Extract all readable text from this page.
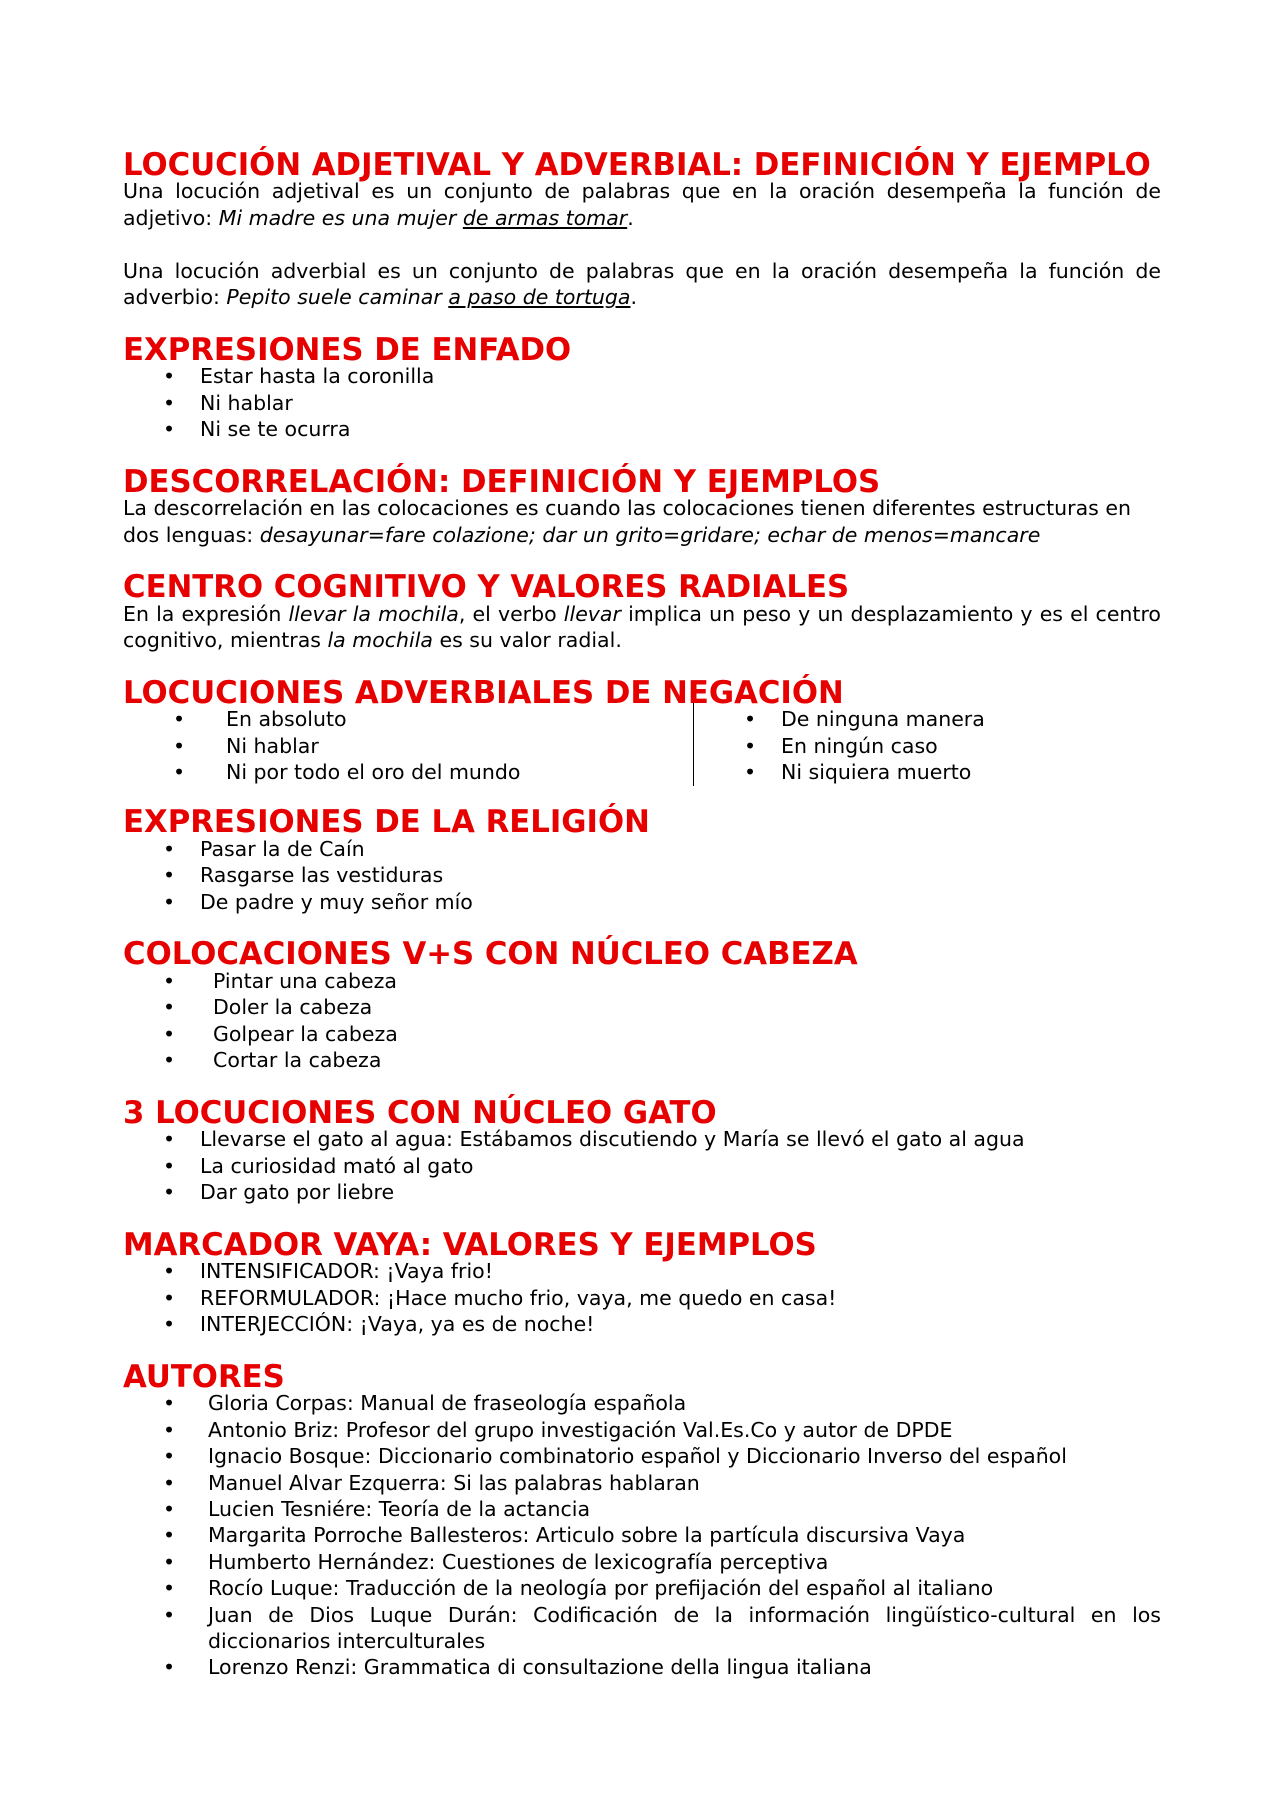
LOCUCIÓN ADJETIVAL Y ADVERBIAL: DEFINICIÓN Y EJEMPLO

Una locución adjetival es un conjunto de palabras que en la oración desempeña la función de adjetivo: Mi madre es una mujer de armas tomar.

Una locución adverbial es un conjunto de palabras que en la oración desempeña la función de adverbio: Pepito suele caminar a paso de tortuga.

EXPRESIONES DE ENFADO
• Estar hasta la coronilla
• Ni hablar
• Ni se te ocurra
DESCORRELACIÓN: DEFINICIÓN Y EJEMPLOS

La descorrelación en las colocaciones es cuando las colocaciones tienen diferentes estructuras en dos lenguas: desayunar=fare colazione; dar un grito=gridare; echar de menos=mancare

CENTRO COGNITIVO Y VALORES RADIALES

En la expresión llevar la mochila, el verbo llevar implica un peso y un desplazamiento y es el centro cognitivo, mientras la mochila es su valor radial.

LOCUCIONES ADVERBIALES DE NEGACIÓN
• En absoluto
• Ni hablar
• Ni por todo el oro del mundo
• De ninguna manera
• En ningún caso
• Ni siquiera muerto
EXPRESIONES DE LA RELIGIÓN
• Pasar la de Caín
• Rasgarse las vestiduras
• De padre y muy señor mío
COLOCACIONES V+S CON NÚCLEO CABEZA
• Pintar una cabeza
• Doler la cabeza
• Golpear la cabeza
• Cortar la cabeza
3 LOCUCIONES CON NÚCLEO GATO
• Llevarse el gato al agua: Estábamos discutiendo y María se llevó el gato al agua
• La curiosidad mató al gato
• Dar gato por liebre
MARCADOR VAYA: VALORES Y EJEMPLOS
• INTENSIFICADOR: ¡Vaya frio!
• REFORMULADOR: ¡Hace mucho frio, vaya, me quedo en casa!
• INTERJECCIÓN: ¡Vaya, ya es de noche!
AUTORES
• Gloria Corpas: Manual de fraseología española
• Antonio Briz: Profesor del grupo investigación Val.Es.Co y autor de DPDE
• Ignacio Bosque: Diccionario combinatorio español y Diccionario Inverso del español
• Manuel Alvar Ezquerra: Si las palabras hablaran
• Lucien Tesniére: Teoría de la actancia
• Margarita Porroche Ballesteros: Articulo sobre la partícula discursiva Vaya
• Humberto Hernández: Cuestiones de lexicografía perceptiva
• Rocío Luque: Traducción de la neología por prefijación del español al italiano
• Juan de Dios Luque Durán: Codificación de la información lingüístico-cultural en los diccionarios interculturales
• Lorenzo Renzi: Grammatica di consultazione della lingua italiana
